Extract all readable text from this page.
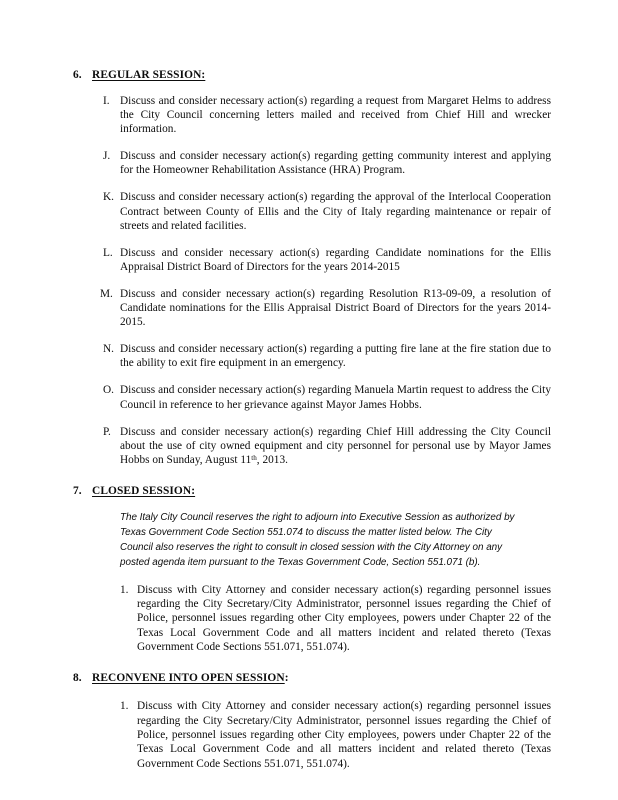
6. REGULAR SESSION:
I. Discuss and consider necessary action(s) regarding a request from Margaret Helms to address the City Council concerning letters mailed and received from Chief Hill and wrecker information.
J. Discuss and consider necessary action(s) regarding getting community interest and applying for the Homeowner Rehabilitation Assistance (HRA) Program.
K. Discuss and consider necessary action(s) regarding the approval of the Interlocal Cooperation Contract between County of Ellis and the City of Italy regarding maintenance or repair of streets and related facilities.
L. Discuss and consider necessary action(s) regarding Candidate nominations for the Ellis Appraisal District Board of Directors for the years 2014-2015
M. Discuss and consider necessary action(s) regarding Resolution R13-09-09, a resolution of Candidate nominations for the Ellis Appraisal District Board of Directors for the years 2014-2015.
N. Discuss and consider necessary action(s) regarding a putting fire lane at the fire station due to the ability to exit fire equipment in an emergency.
O. Discuss and consider necessary action(s) regarding Manuela Martin request to address the City Council in reference to her grievance against Mayor James Hobbs.
P. Discuss and consider necessary action(s) regarding Chief Hill addressing the City Council about the use of city owned equipment and city personnel for personal use by Mayor James Hobbs on Sunday, August 11th, 2013.
7. CLOSED SESSION:

The Italy City Council reserves the right to adjourn into Executive Session as authorized by Texas Government Code Section 551.074 to discuss the matter listed below. The City Council also reserves the right to consult in closed session with the City Attorney on any posted agenda item pursuant to the Texas Government Code, Section 551.071 (b).

1. Discuss with City Attorney and consider necessary action(s) regarding personnel issues regarding the City Secretary/City Administrator, personnel issues regarding the Chief of Police, personnel issues regarding other City employees, powers under Chapter 22 of the Texas Local Government Code and all matters incident and related thereto (Texas Government Code Sections 551.071, 551.074).
8. RECONVENE INTO OPEN SESSION:
1. Discuss with City Attorney and consider necessary action(s) regarding personnel issues regarding the City Secretary/City Administrator, personnel issues regarding the Chief of Police, personnel issues regarding other City employees, powers under Chapter 22 of the Texas Local Government Code and all matters incident and related thereto (Texas Government Code Sections 551.071, 551.074).
